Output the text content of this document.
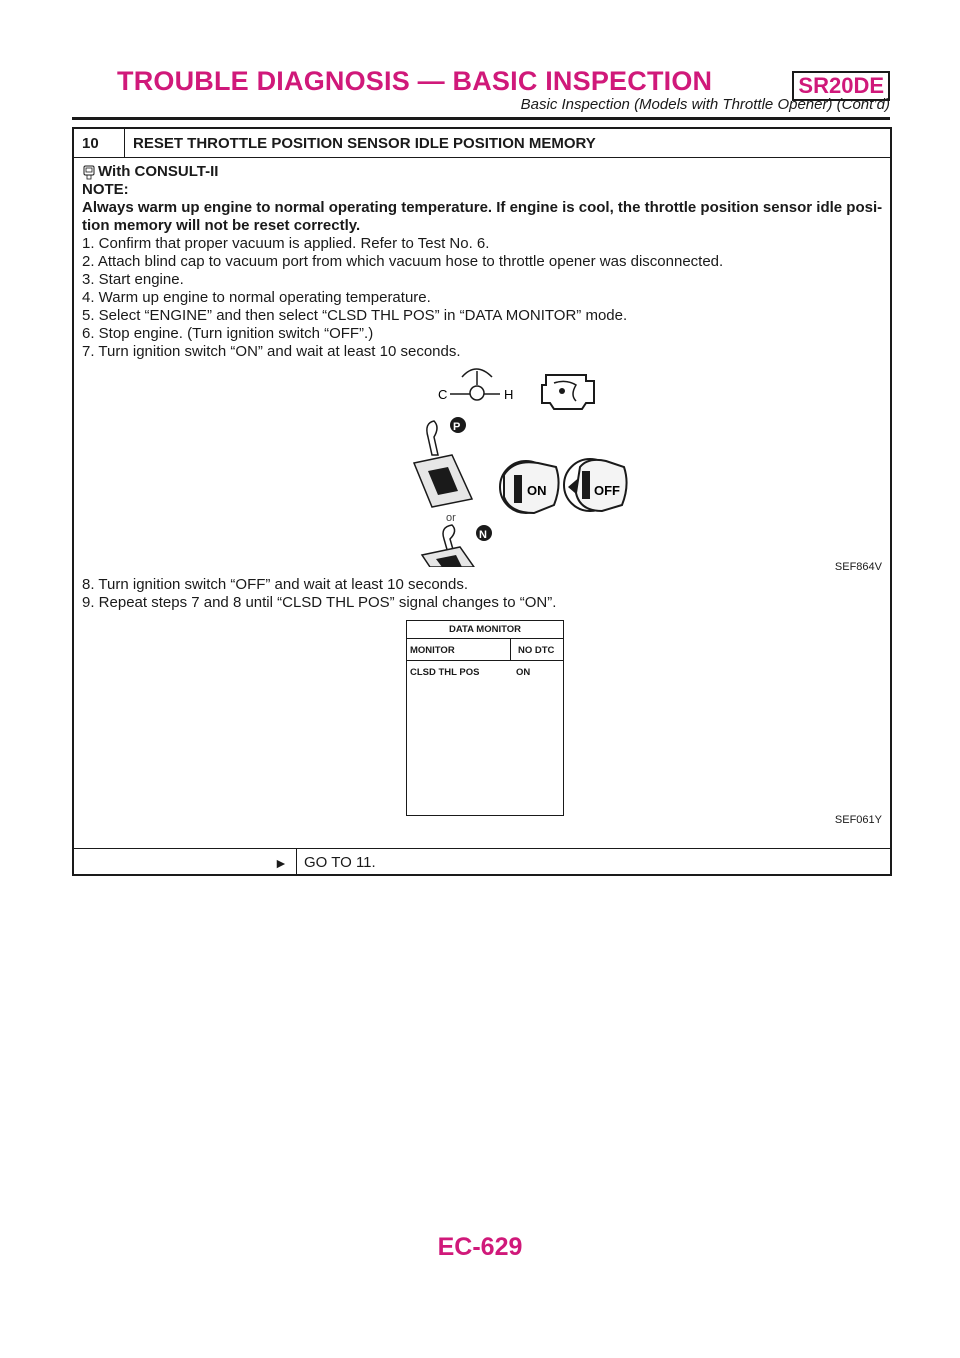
TROUBLE DIAGNOSIS — BASIC INSPECTION	SR20DE
Basic Inspection (Models with Throttle Opener) (Cont’d)
10 RESET THROTTLE POSITION SENSOR IDLE POSITION MEMORY
With CONSULT-II
NOTE:
Always warm up engine to normal operating temperature. If engine is cool, the throttle position sensor idle posi-
tion memory will not be reset correctly.
1. Confirm that proper vacuum is applied. Refer to Test No. 6.
2. Attach blind cap to vacuum port from which vacuum hose to throttle opener was disconnected.
3. Start engine.
4. Warm up engine to normal operating temperature.
5. Select “ENGINE” and then select “CLSD THL POS” in “DATA MONITOR” mode.
6. Stop engine. (Turn ignition switch “OFF”.)
7. Turn ignition switch “ON” and wait at least 10 seconds.
C	H
P
or
N
ON	OFF
SEF864V
8. Turn ignition switch “OFF” and wait at least 10 seconds.
9. Repeat steps 7 and 8 until “CLSD THL POS” signal changes to “ON”.
DATA MONITOR
MONITOR	NO DTC
CLSD THL POS	ON
SEF061Y
► GO TO 11.
EC-629
